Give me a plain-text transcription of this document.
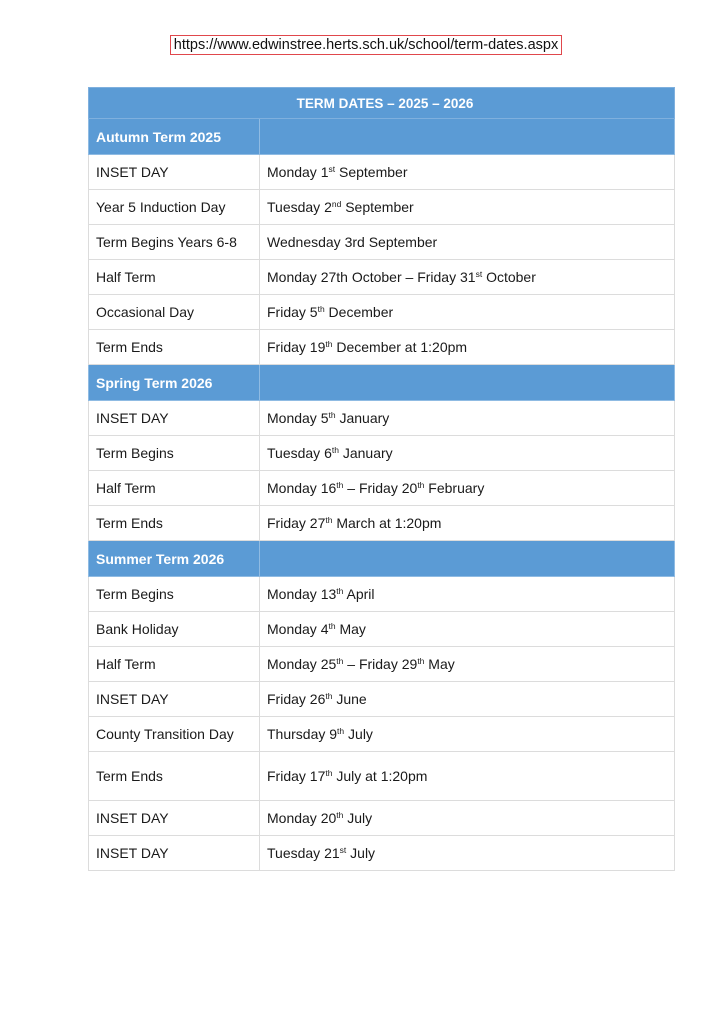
https://www.edwinstree.herts.sch.uk/school/term-dates.aspx
TERM DATES – 2025 – 2026	
Autumn Term 2025	
INSET DAY	Monday 1st September
Year 5 Induction Day	Tuesday 2nd September
Term Begins Years 6-8	Wednesday 3rd September
Half Term	Monday 27th October – Friday 31st October
Occasional Day	Friday 5th December
Term Ends	Friday 19th December at 1:20pm
Spring Term 2026	
INSET DAY	Monday 5th January
Term Begins	Tuesday 6th January
Half Term	Monday 16th – Friday 20th February
Term Ends	Friday 27th March at 1:20pm
Summer Term 2026	
Term Begins	Monday 13th April
Bank Holiday	Monday 4th May
Half Term	Monday 25th – Friday 29th May
INSET DAY	Friday 26th June
County Transition Day	Thursday 9th July
Term Ends	Friday 17th July at 1:20pm
INSET DAY	Monday 20th July
INSET DAY	Tuesday 21st July
